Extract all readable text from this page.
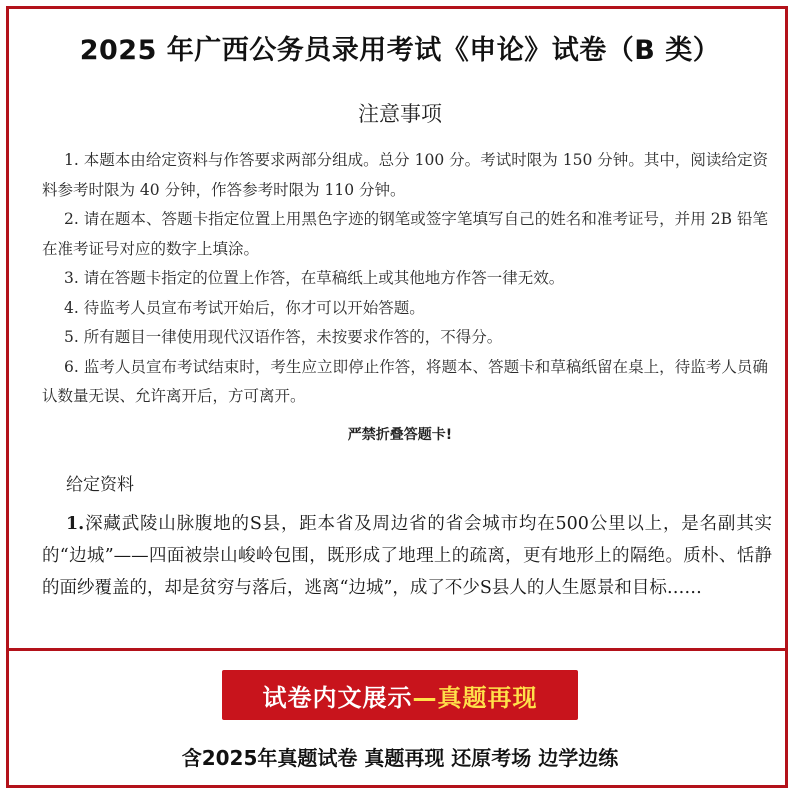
2025 年广西公务员录用考试《申论》试卷（B 类）
注意事项

1. 本题本由给定资料与作答要求两部分组成。总分 100 分。考试时限为 150 分钟。其中，阅读给定资料参考时限为 40 分钟，作答参考时限为 110 分钟。

2. 请在题本、答题卡指定位置上用黑色字迹的钢笔或签字笔填写自己的姓名和准考证号，并用 2B 铅笔在准考证号对应的数字上填涂。

3. 请在答题卡指定的位置上作答，在草稿纸上或其他地方作答一律无效。

4. 待监考人员宣布考试开始后，你才可以开始答题。

5. 所有题目一律使用现代汉语作答，未按要求作答的，不得分。

6. 监考人员宣布考试结束时，考生应立即停止作答，将题本、答题卡和草稿纸留在桌上，待监考人员确认数量无误、允许离开后，方可离开。

严禁折叠答题卡!
给定资料

1.深藏武陵山脉腹地的S县，距本省及周边省的省会城市均在500公里以上，是名副其实的“边城”——四面被崇山峻岭包围，既形成了地理上的疏离，更有地形上的隔绝。质朴、恬静的面纱覆盖的，却是贫穷与落后，逃离“边城”，成了不少S县人的人生愿景和目标……

试卷内文展示 —真题再现
含2025年真题试卷 真题再现 还原考场 边学边练
